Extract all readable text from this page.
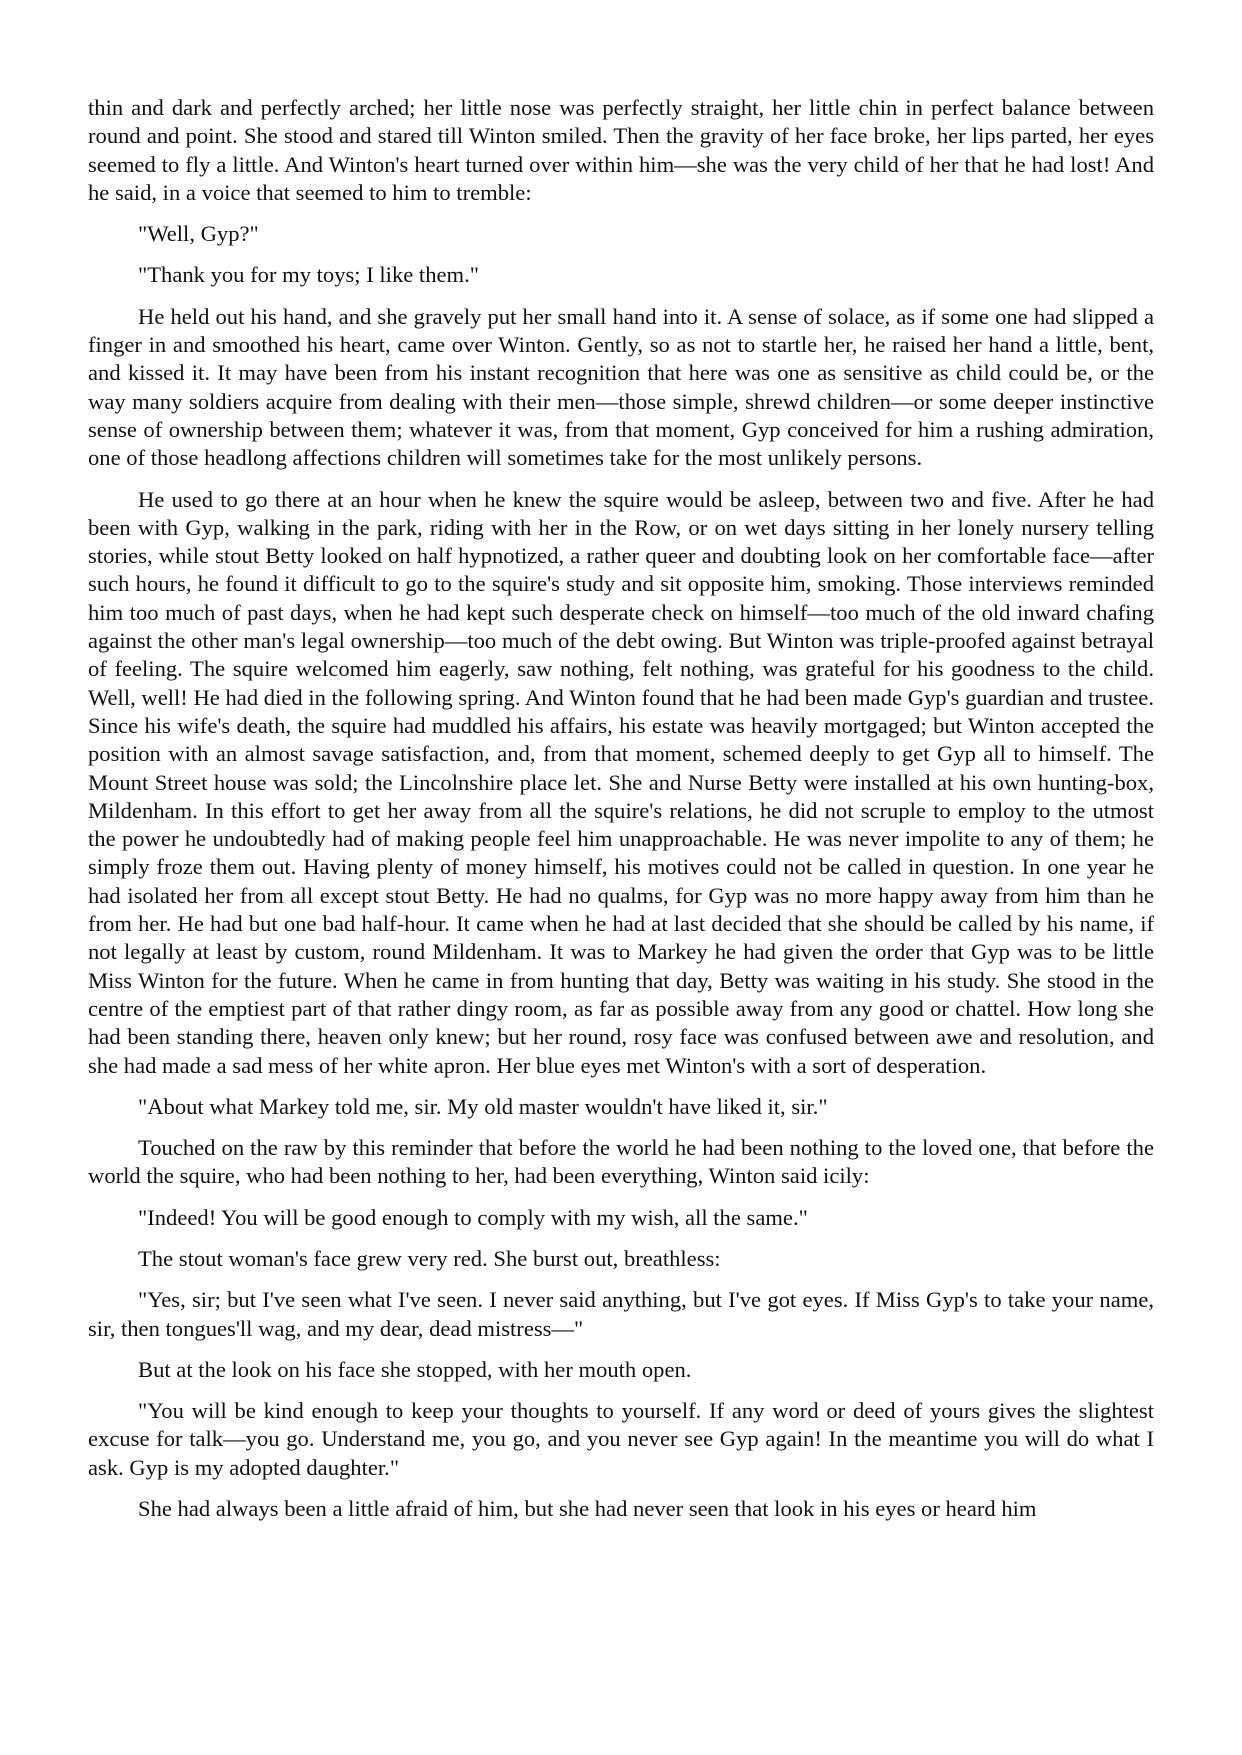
thin and dark and perfectly arched; her little nose was perfectly straight, her little chin in perfect balance between round and point. She stood and stared till Winton smiled. Then the gravity of her face broke, her lips parted, her eyes seemed to fly a little. And Winton's heart turned over within him—she was the very child of her that he had lost! And he said, in a voice that seemed to him to tremble:

"Well, Gyp?"

"Thank you for my toys; I like them."

He held out his hand, and she gravely put her small hand into it. A sense of solace, as if some one had slipped a finger in and smoothed his heart, came over Winton. Gently, so as not to startle her, he raised her hand a little, bent, and kissed it. It may have been from his instant recognition that here was one as sensitive as child could be, or the way many soldiers acquire from dealing with their men—those simple, shrewd children—or some deeper instinctive sense of ownership between them; whatever it was, from that moment, Gyp conceived for him a rushing admiration, one of those headlong affections children will sometimes take for the most unlikely persons.

He used to go there at an hour when he knew the squire would be asleep, between two and five. After he had been with Gyp, walking in the park, riding with her in the Row, or on wet days sitting in her lonely nursery telling stories, while stout Betty looked on half hypnotized, a rather queer and doubting look on her comfortable face—after such hours, he found it difficult to go to the squire's study and sit opposite him, smoking. Those interviews reminded him too much of past days, when he had kept such desperate check on himself—too much of the old inward chafing against the other man's legal ownership—too much of the debt owing. But Winton was triple-proofed against betrayal of feeling. The squire welcomed him eagerly, saw nothing, felt nothing, was grateful for his goodness to the child. Well, well! He had died in the following spring. And Winton found that he had been made Gyp's guardian and trustee. Since his wife's death, the squire had muddled his affairs, his estate was heavily mortgaged; but Winton accepted the position with an almost savage satisfaction, and, from that moment, schemed deeply to get Gyp all to himself. The Mount Street house was sold; the Lincolnshire place let. She and Nurse Betty were installed at his own hunting-box, Mildenham. In this effort to get her away from all the squire's relations, he did not scruple to employ to the utmost the power he undoubtedly had of making people feel him unapproachable. He was never impolite to any of them; he simply froze them out. Having plenty of money himself, his motives could not be called in question. In one year he had isolated her from all except stout Betty. He had no qualms, for Gyp was no more happy away from him than he from her. He had but one bad half-hour. It came when he had at last decided that she should be called by his name, if not legally at least by custom, round Mildenham. It was to Markey he had given the order that Gyp was to be little Miss Winton for the future. When he came in from hunting that day, Betty was waiting in his study. She stood in the centre of the emptiest part of that rather dingy room, as far as possible away from any good or chattel. How long she had been standing there, heaven only knew; but her round, rosy face was confused between awe and resolution, and she had made a sad mess of her white apron. Her blue eyes met Winton's with a sort of desperation.

"About what Markey told me, sir. My old master wouldn't have liked it, sir."

Touched on the raw by this reminder that before the world he had been nothing to the loved one, that before the world the squire, who had been nothing to her, had been everything, Winton said icily:

"Indeed! You will be good enough to comply with my wish, all the same."

The stout woman's face grew very red. She burst out, breathless:

"Yes, sir; but I've seen what I've seen. I never said anything, but I've got eyes. If Miss Gyp's to take your name, sir, then tongues'll wag, and my dear, dead mistress—"

But at the look on his face she stopped, with her mouth open.

"You will be kind enough to keep your thoughts to yourself. If any word or deed of yours gives the slightest excuse for talk—you go. Understand me, you go, and you never see Gyp again! In the meantime you will do what I ask. Gyp is my adopted daughter."

She had always been a little afraid of him, but she had never seen that look in his eyes or heard him
